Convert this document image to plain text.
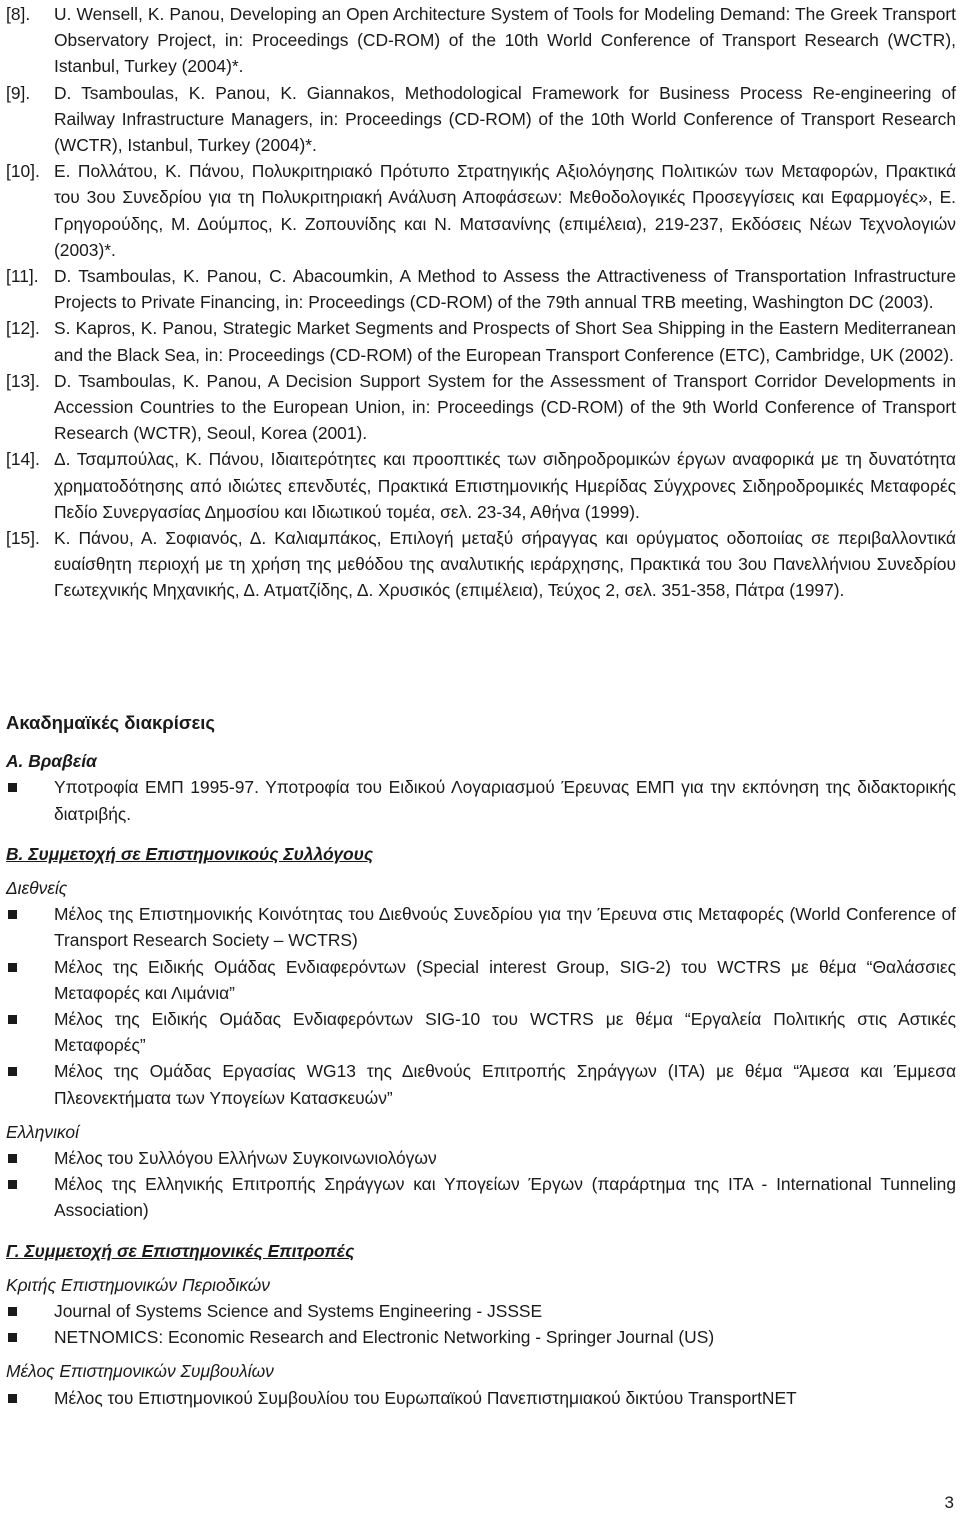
[8].	U. Wensell, K. Panou, Developing an Open Architecture System of Tools for Modeling Demand: The Greek Transport Observatory Project, in: Proceedings (CD-ROM) of the 10th World Conference of Transport Research (WCTR), Istanbul, Turkey (2004)*.
[9].	D. Tsamboulas, K. Panou, K. Giannakos, Methodological Framework for Business Process Re-engineering of Railway Infrastructure Managers, in: Proceedings (CD-ROM) of the 10th World Conference of Transport Research (WCTR), Istanbul, Turkey (2004)*.
[10]. Ε. Πολλάτου, Κ. Πάνου, Πολυκριτηριακό Πρότυπο Στρατηγικής Αξιολόγησης Πολιτικών των Μεταφορών, Πρακτικά του 3ου Συνεδρίου για τη Πολυκριτηριακή Ανάλυση Αποφάσεων: Μεθοδολογικές Προσεγγίσεις και Εφαρμογές», Ε. Γρηγορούδης, Μ. Δούμπος, Κ. Ζοπουνίδης και Ν. Ματσανίνης (επιμέλεια), 219-237, Εκδόσεις Νέων Τεχνολογιών (2003)*.
[11]. D. Tsamboulas, K. Panou, C. Abacoumkin, A Method to Assess the Attractiveness of Transportation Infrastructure Projects to Private Financing, in: Proceedings (CD-ROM) of the 79th annual TRB meeting, Washington DC (2003).
[12]. S. Kapros, K. Panou, Strategic Market Segments and Prospects of Short Sea Shipping in the Eastern Mediterranean and the Black Sea, in: Proceedings (CD-ROM) of the European Transport Conference (ETC), Cambridge, UK (2002).
[13]. D. Tsamboulas, K. Panou, A Decision Support System for the Assessment of Transport Corridor Developments in Accession Countries to the European Union, in: Proceedings (CD-ROM) of the 9th World Conference of Transport Research (WCTR), Seoul, Korea (2001).
[14]. Δ. Τσαμπούλας, Κ. Πάνου, Ιδιαιτερότητες και προοπτικές των σιδηροδρομικών έργων αναφορικά με τη δυνατότητα χρηματοδότησης από ιδιώτες επενδυτές, Πρακτικά Επιστημονικής Ημερίδας Σύγχρονες Σιδηροδρομικές Μεταφορές Πεδίο Συνεργασίας Δημοσίου και Ιδιωτικού τομέα, σελ. 23-34, Αθήνα (1999).
[15]. Κ. Πάνου, Α. Σοφιανός, Δ. Καλιαμπάκος, Επιλογή μεταξύ σήραγγας και ορύγματος οδοποιίας σε περιβαλλοντικά ευαίσθητη περιοχή με τη χρήση της μεθόδου της αναλυτικής ιεράρχησης, Πρακτικά του 3ου Πανελλήνιου Συνεδρίου Γεωτεχνικής Μηχανικής, Δ. Ατματζίδης, Δ. Χρυσικός (επιμέλεια), Τεύχος 2, σελ. 351-358, Πάτρα (1997).
Ακαδημαϊκές διακρίσεις
Α. Βραβεία
Υποτροφία ΕΜΠ 1995-97. Υποτροφία του Ειδικού Λογαριασμού Έρευνας ΕΜΠ για την εκπόνηση της διδακτορικής διατριβής.
Β. Συμμετοχή σε Επιστημονικούς Συλλόγους
Διεθνείς
Μέλος της Επιστημονικής Κοινότητας του Διεθνούς Συνεδρίου για την Έρευνα στις Μεταφορές (World Conference of Transport Research Society – WCTRS)
Μέλος της Ειδικής Ομάδας Ενδιαφερόντων (Special interest Group, SIG-2) του WCTRS με θέμα “Θαλάσσιες Μεταφορές και Λιμάνια”
Μέλος της Ειδικής Ομάδας Ενδιαφερόντων SIG-10 του WCTRS με θέμα “Εργαλεία Πολιτικής στις Αστικές Μεταφορές”
Μέλος της Ομάδας Εργασίας WG13 της Διεθνούς Επιτροπής Σηράγγων (ITA) με θέμα “Άμεσα και Έμμεσα Πλεονεκτήματα των Υπογείων Κατασκευών”
Ελληνικοί
Μέλος του Συλλόγου Ελλήνων Συγκοινωνιολόγων
Μέλος της Ελληνικής Επιτροπής Σηράγγων και Υπογείων Έργων (παράρτημα της ITA - International Tunneling Association)
Γ. Συμμετοχή σε Επιστημονικές Επιτροπές
Κριτής Επιστημονικών Περιοδικών
Journal of Systems Science and Systems Engineering - JSSSE
NETNOMICS: Economic Research and Electronic Networking - Springer Journal (US)
Μέλος Επιστημονικών Συμβουλίων
Μέλος του Επιστημονικού Συμβουλίου του Ευρωπαϊκού Πανεπιστημιακού δικτύου TransportNET
3
